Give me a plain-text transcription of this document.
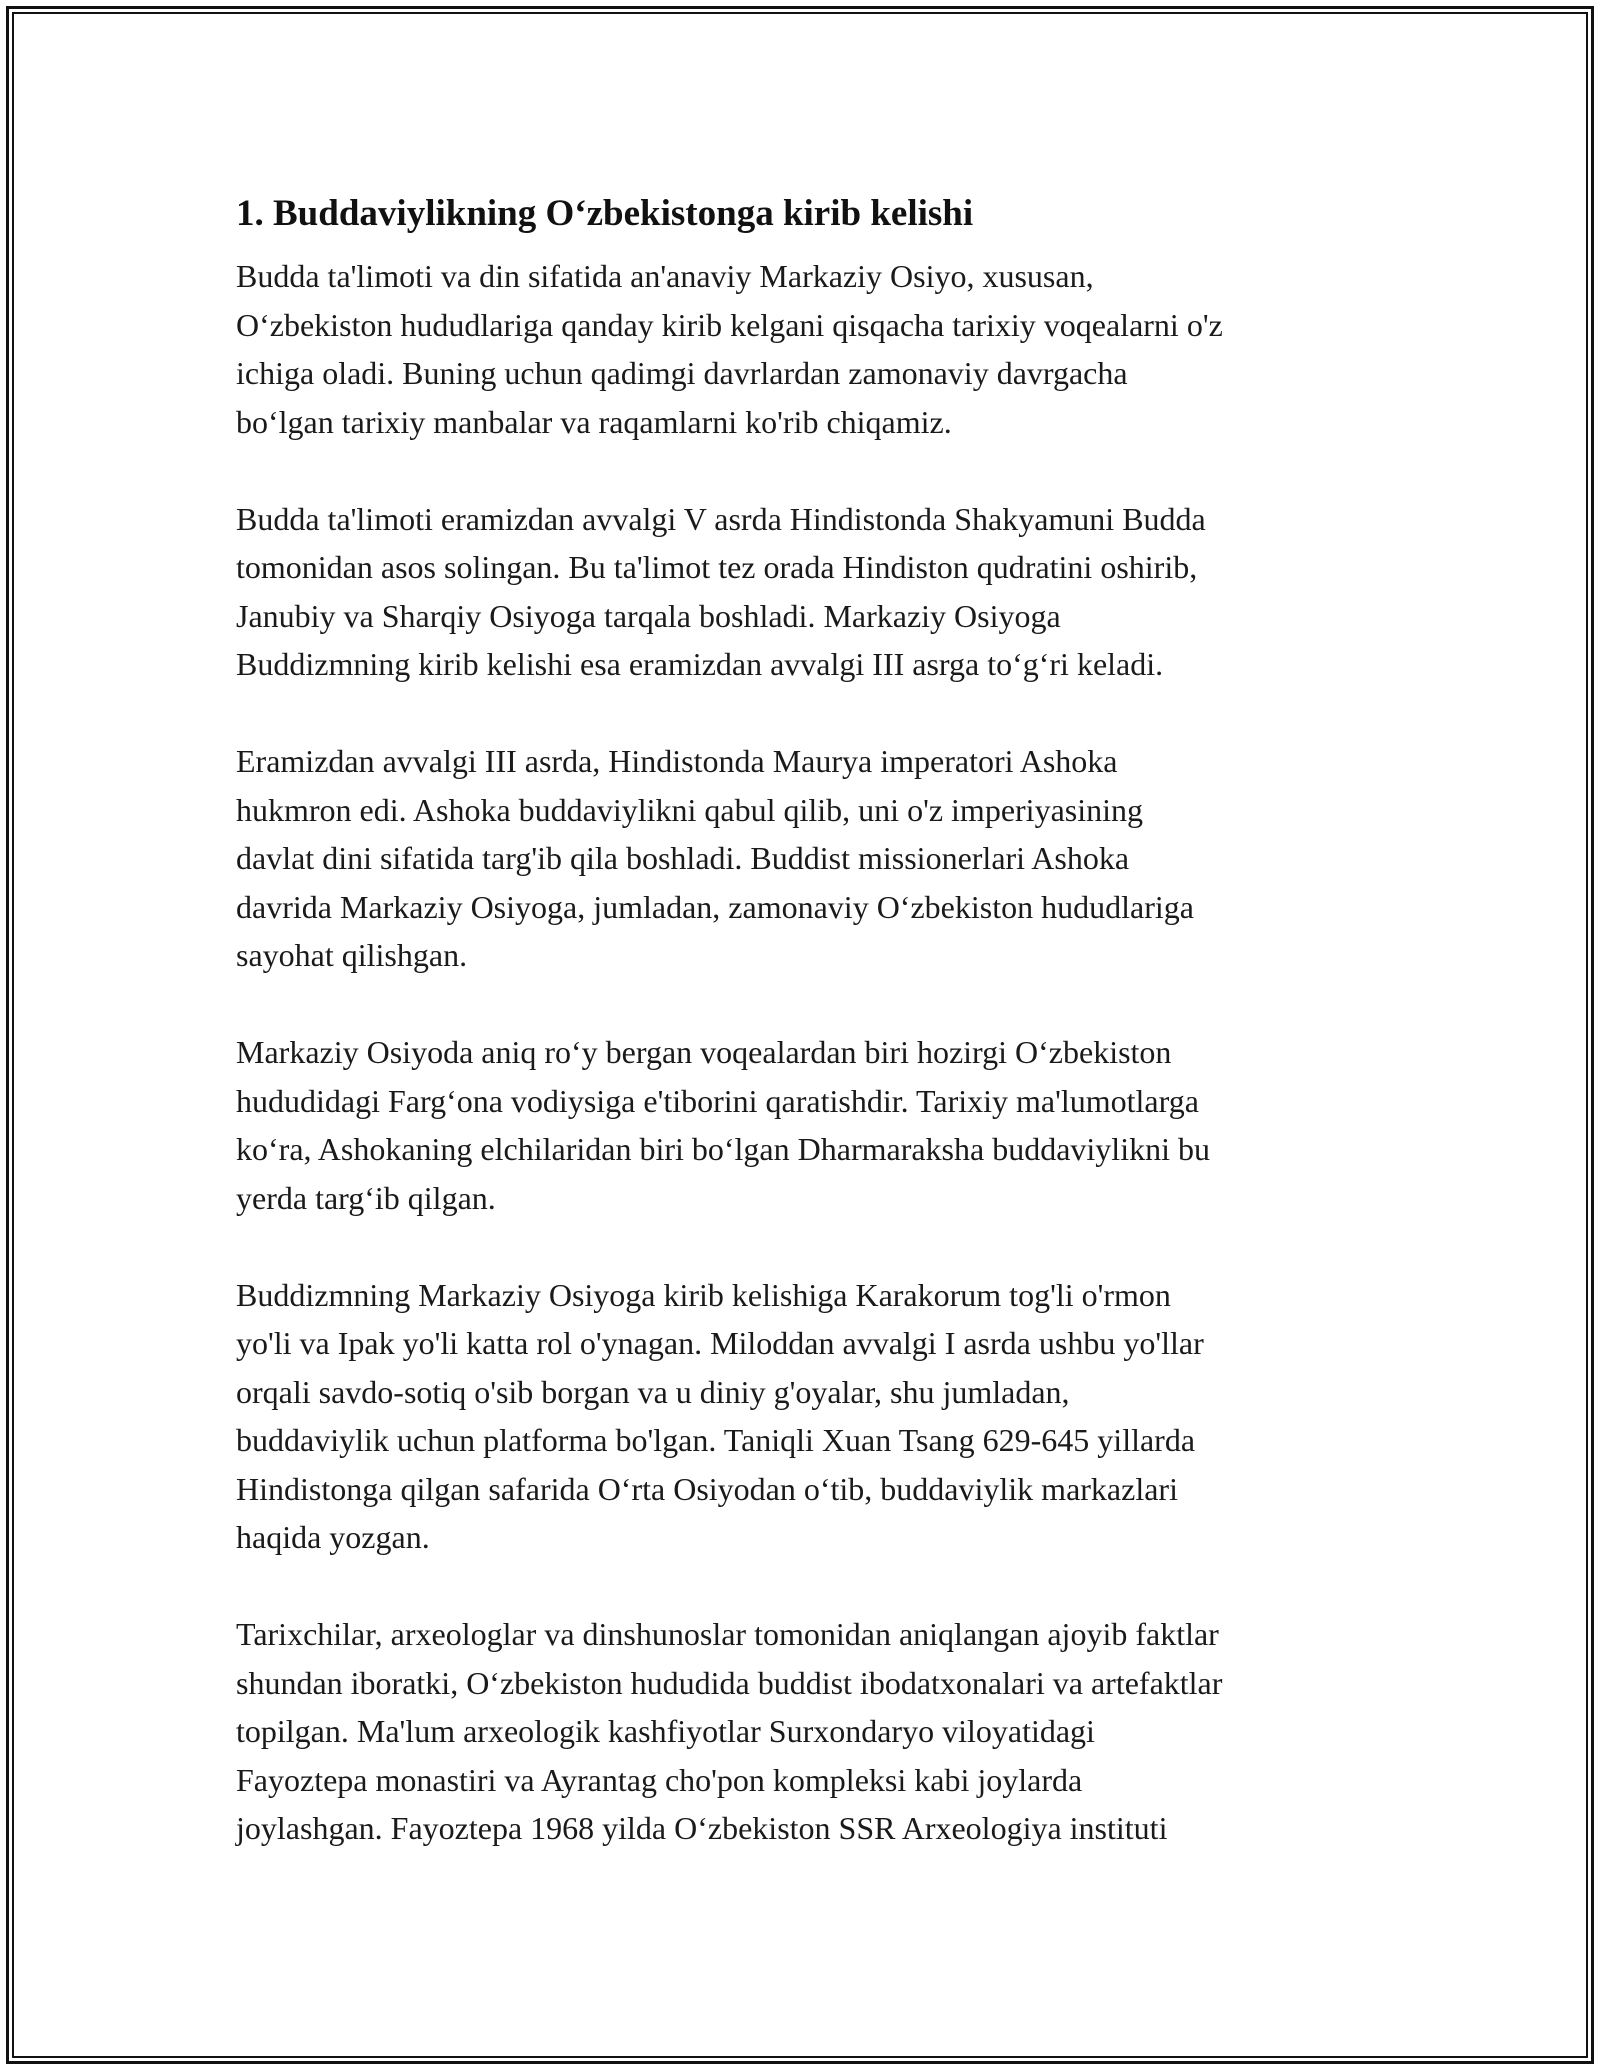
1. Buddaviylikning O‘zbekistonga kirib kelishi

Budda ta'limoti va din sifatida an'anaviy Markaziy Osiyo, xususan,
O‘zbekiston hududlariga qanday kirib kelgani qisqacha tarixiy voqealarni o'z
ichiga oladi. Buning uchun qadimgi davrlardan zamonaviy davrgacha
bo‘lgan tarixiy manbalar va raqamlarni ko'rib chiqamiz.

Budda ta'limoti eramizdan avvalgi V asrda Hindistonda Shakyamuni Budda
tomonidan asos solingan. Bu ta'limot tez orada Hindiston qudratini oshirib,
Janubiy va Sharqiy Osiyoga tarqala boshladi. Markaziy Osiyoga
Buddizmning kirib kelishi esa eramizdan avvalgi III asrga to‘g‘ri keladi.

Eramizdan avvalgi III asrda, Hindistonda Maurya imperatori Ashoka
hukmron edi. Ashoka buddaviylikni qabul qilib, uni o'z imperiyasining
davlat dini sifatida targ'ib qila boshladi. Buddist missionerlari Ashoka
davrida Markaziy Osiyoga, jumladan, zamonaviy O‘zbekiston hududlariga
sayohat qilishgan.

Markaziy Osiyoda aniq ro‘y bergan voqealardan biri hozirgi O‘zbekiston
hududidagi Farg‘ona vodiysiga e'tiborini qaratishdir. Tarixiy ma'lumotlarga
ko‘ra, Ashokaning elchilaridan biri bo‘lgan Dharmaraksha buddaviylikni bu
yerda targ‘ib qilgan.

Buddizmning Markaziy Osiyoga kirib kelishiga Karakorum tog'li o'rmon
yo'li va Ipak yo'li katta rol o'ynagan. Miloddan avvalgi I asrda ushbu yo'llar
orqali savdo-sotiq o'sib borgan va u diniy g'oyalar, shu jumladan,
buddaviylik uchun platforma bo'lgan. Taniqli Xuan Tsang 629-645 yillarda
Hindistonga qilgan safarida O‘rta Osiyodan o‘tib, buddaviylik markazlari
haqida yozgan.

Tarixchilar, arxeologlar va dinshunoslar tomonidan aniqlangan ajoyib faktlar
shundan iboratki, O‘zbekiston hududida buddist ibodatxonalari va artefaktlar
topilgan. Ma'lum arxeologik kashfiyotlar Surxondaryo viloyatidagi
Fayoztepa monastiri va Ayrantag cho'pon kompleksi kabi joylarda
joylashgan. Fayoztepa 1968 yilda O‘zbekiston SSR Arxeologiya instituti
